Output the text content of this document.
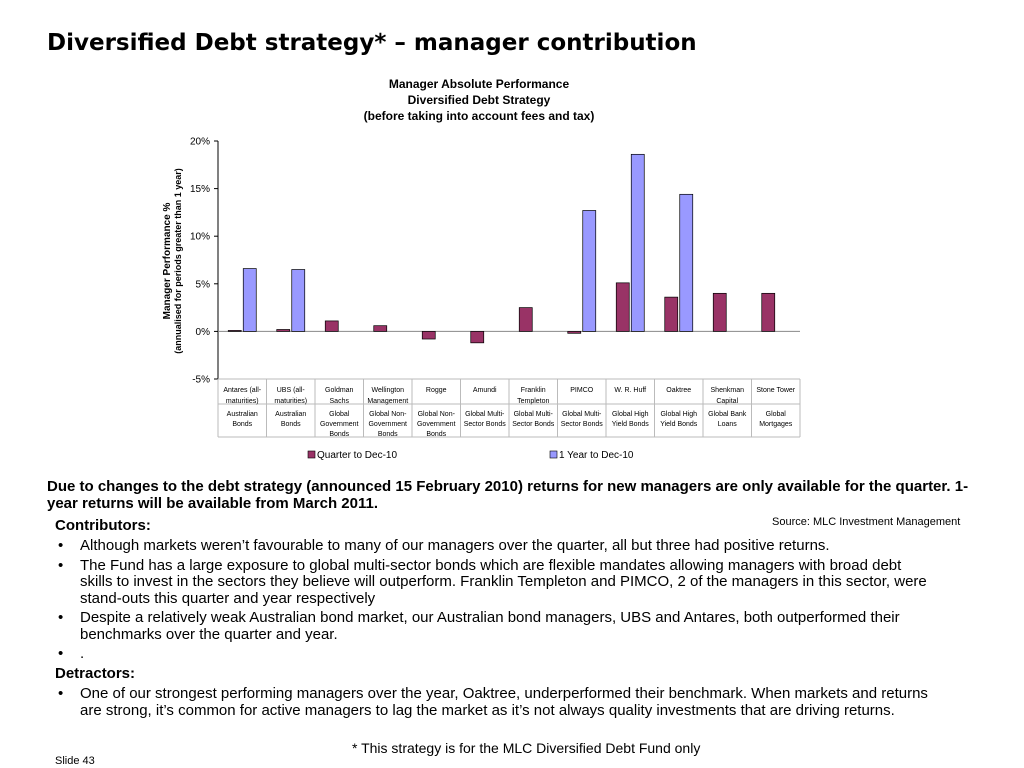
Diversified Debt strategy* – manager contribution
Manager Absolute Performance
Diversified Debt Strategy
(before taking into account fees and tax)
Manager Performance % (annualised for periods greater than 1 year)
-5%
0%
5%
10%
15%
20%
Antares (all-
maturities)
Australian
Bonds
UBS (all-
maturities)
Australian
Bonds
Goldman
Sachs
Global
Government
Bonds
Wellington
Management
Global Non-
Government
Bonds
Rogge
Global Non-
Government
Bonds
Amundi
Global Multi-
Sector Bonds
Franklin
Templeton
Global Multi-
Sector Bonds
PIMCO
Global Multi-
Sector Bonds
W. R. Huff
Global High
Yield Bonds
Oaktree
Global High
Yield Bonds
Shenkman
Capital
Global Bank
Loans
Stone Tower
Global
Mortgages
Quarter to Dec-10	1 Year to Dec-10
Due to changes to the debt strategy (announced 15 February 2010) returns for new managers are only available for the quarter. 1-year returns will be available from March 2011.
Source: MLC Investment Management
Contributors:
• Although markets weren’t favourable to many of our managers over the quarter, all but three had positive returns.
• The Fund has a large exposure to global multi-sector bonds which are flexible mandates allowing managers with broad debt skills to invest in the sectors they believe will outperform. Franklin Templeton and PIMCO, 2 of the managers in this sector, were stand-outs this quarter and year respectively
• Despite a relatively weak Australian bond market, our Australian bond managers, UBS and Antares, both outperformed their benchmarks over the quarter and year.
• .
Detractors:
• One of our strongest performing managers over the year, Oaktree, underperformed their benchmark. When markets and returns are strong, it’s common for active managers to lag the market as it’s not always quality investments that are driving returns.
* This strategy is for the MLC Diversified Debt Fund only
Slide 43
